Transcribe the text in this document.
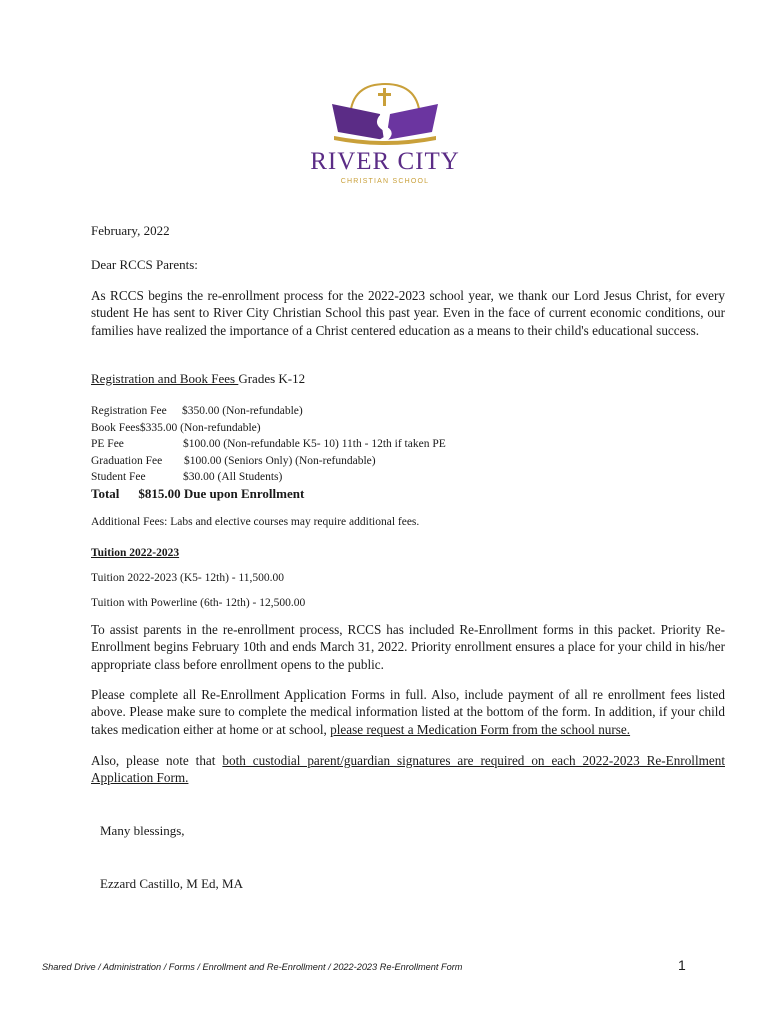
RIVER CITY
CHRISTIAN SCHOOL
February, 2022
Dear RCCS Parents:
As RCCS begins the re-enrollment process for the 2022-2023 school year, we thank our Lord Jesus Christ, for every student He has sent to River City Christian School this past year. Even in the face of current economic conditions, our families have realized the importance of a Christ centered education as a means to their child's educational success.
Registration and Book Fees Grades K-12
Registration Fee $350.00 (Non-refundable)
Book Fees$335.00 (Non-refundable)
PE Fee	$100.00 (Non-refundable K5- 10) 11th - 12th if taken PE
Graduation Fee $100.00 (Seniors Only) (Non-refundable)
Student Fee	$30.00 (All Students)
Total $815.00 Due upon Enrollment
Additional Fees: Labs and elective courses may require additional fees.
Tuition 2022-2023
Tuition 2022-2023 (K5- 12th) - 11,500.00
Tuition with Powerline (6th- 12th) - 12,500.00
To assist parents in the re-enrollment process, RCCS has included Re-Enrollment forms in this packet. Priority Re-Enrollment begins February 10th and ends March 31, 2022. Priority enrollment ensures a place for your child in his/her appropriate class before enrollment opens to the public.
Please complete all Re-Enrollment Application Forms in full. Also, include payment of all re enrollment fees listed above. Please make sure to complete the medical information listed at the bottom of the form. In addition, if your child takes medication either at home or at school, please request a Medication Form from the school nurse.
Also, please note that both custodial parent/guardian signatures are required on each 2022-2023 Re-Enrollment Application Form.
Many blessings,
Ezzard Castillo, M Ed, MA
Shared Drive / Administration / Forms / Enrollment and Re-Enrollment / 2022-2023 Re-Enrollment Form	1
